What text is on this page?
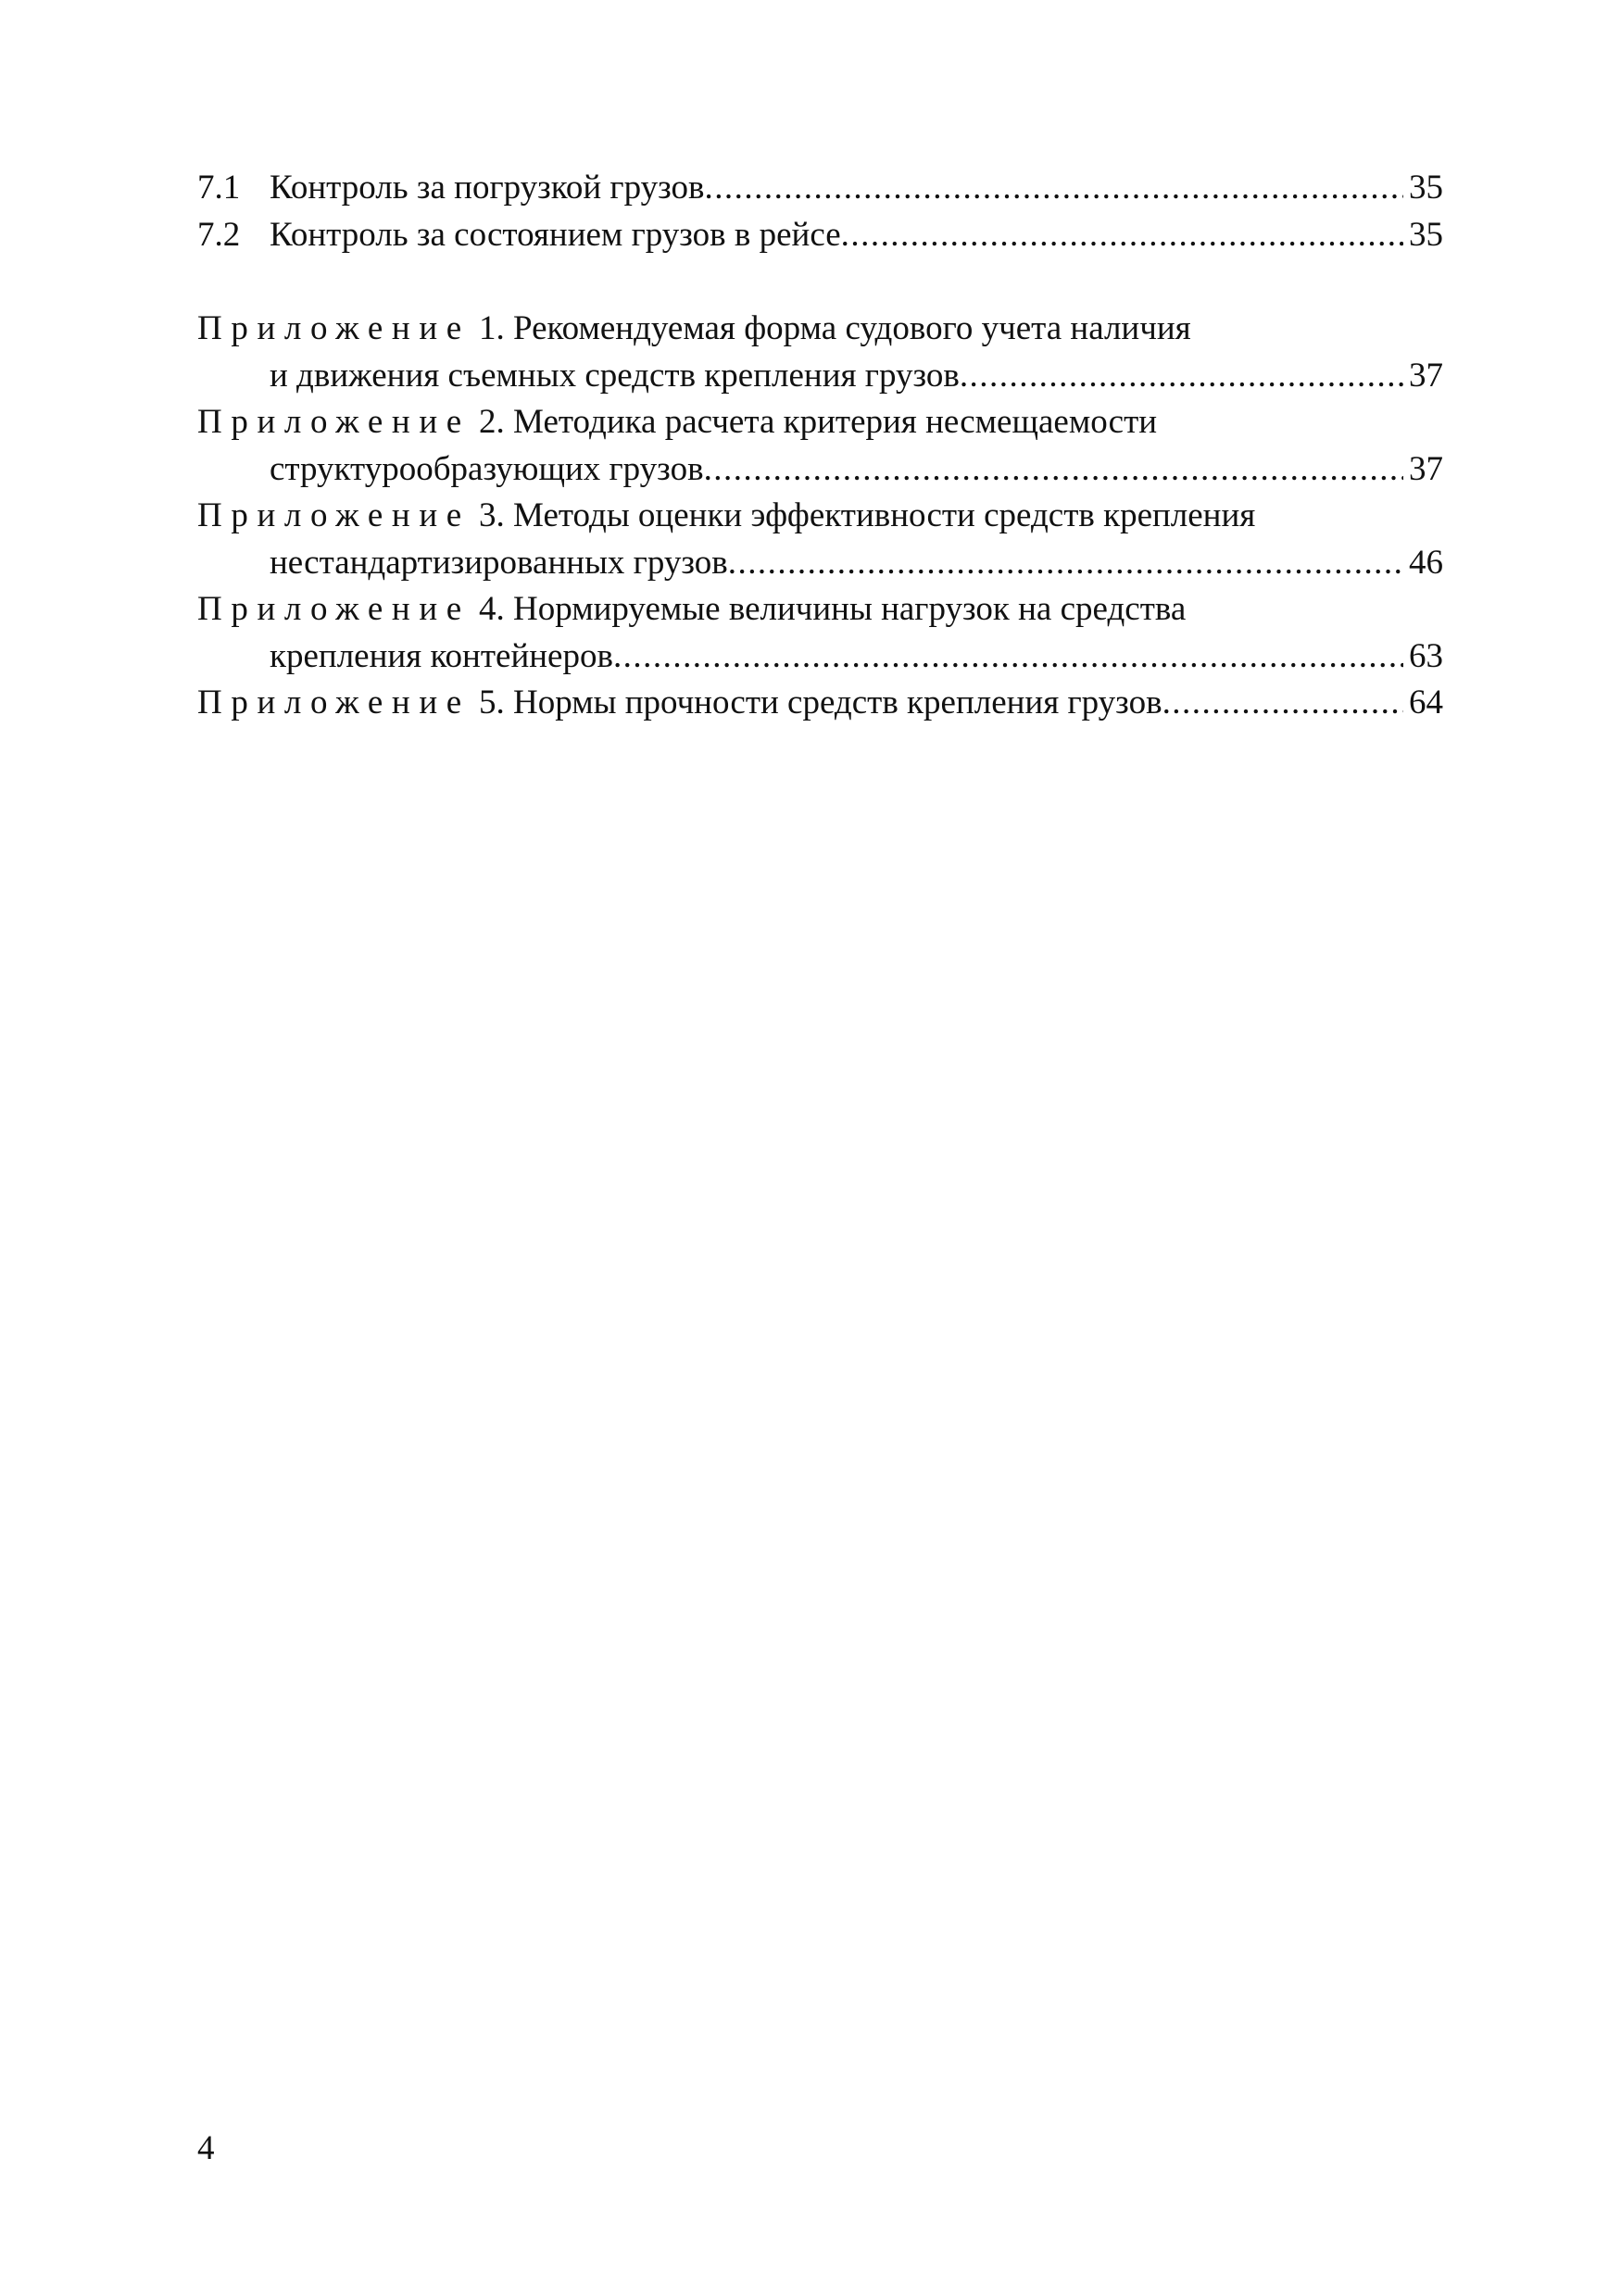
7.1 Контроль за погрузкой грузов .....	35
7.2 Контроль за состоянием грузов в рейсе .....	35
Приложение 1. Рекомендуемая форма судового учета наличия
и движения съемных средств крепления грузов .....	37
Приложение 2. Методика расчета критерия несмещаемости
структурообразующих грузов .....	37
Приложение 3. Методы оценки эффективности средств крепления
нестандартизированных грузов .....	46
Приложение 4. Нормируемые величины нагрузок на средства
крепления контейнеров .....	63
Приложение 5. Нормы прочности средств крепления грузов .....	64
4
